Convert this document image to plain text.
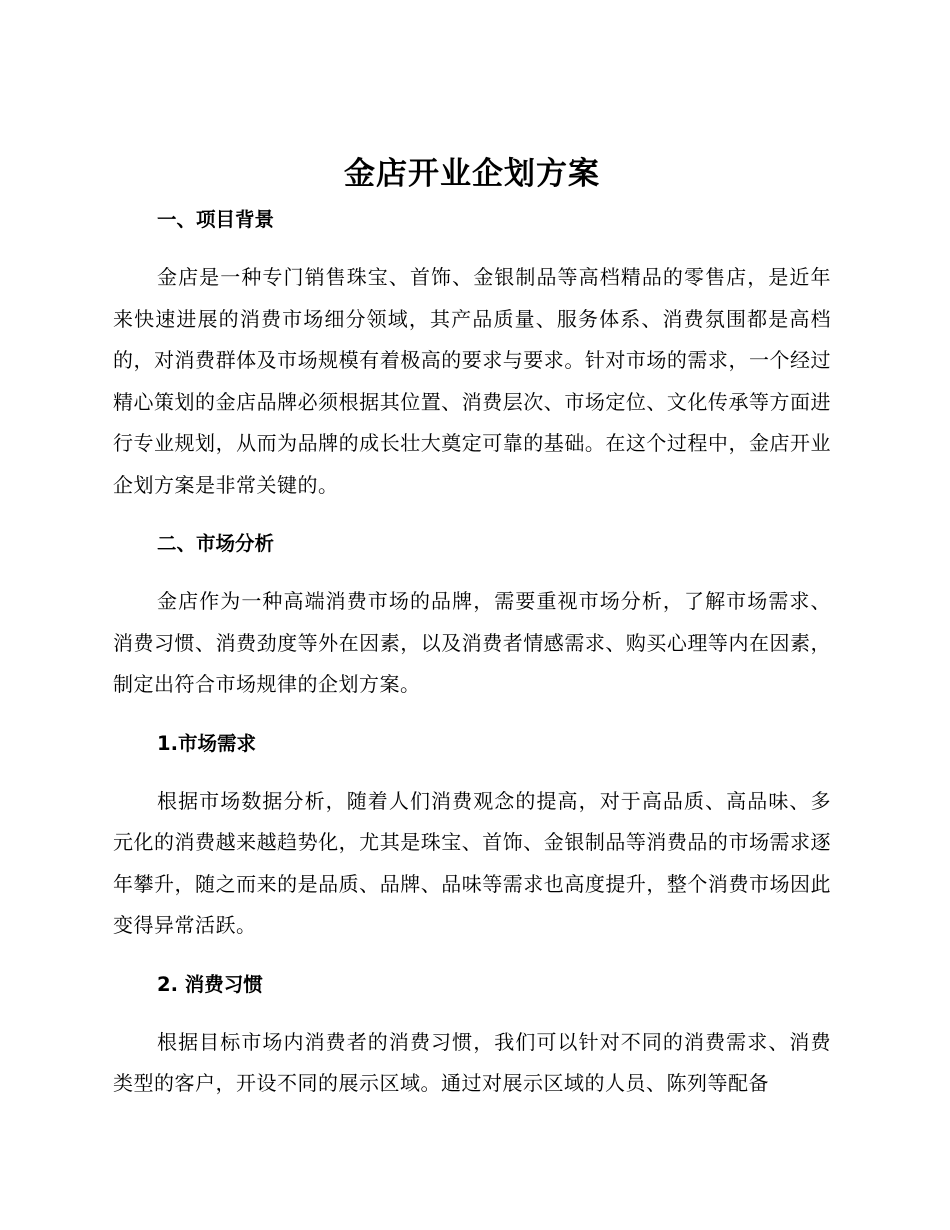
金店开业企划方案
一、项目背景

金店是一种专门销售珠宝、首饰、金银制品等高档精品的零售店，是近年来快速进展的消费市场细分领域，其产品质量、服务体系、消费氛围都是高档的，对消费群体及市场规模有着极高的要求与要求。针对市场的需求，一个经过精心策划的金店品牌必须根据其位置、消费层次、市场定位、文化传承等方面进行专业规划，从而为品牌的成长壮大奠定可靠的基础。在这个过程中，金店开业企划方案是非常关键的。

二、市场分析

金店作为一种高端消费市场的品牌，需要重视市场分析，了解市场需求、消费习惯、消费劲度等外在因素，以及消费者情感需求、购买心理等内在因素，制定出符合市场规律的企划方案。

1.市场需求

根据市场数据分析，随着人们消费观念的提高，对于高品质、高品味、多元化的消费越来越趋势化，尤其是珠宝、首饰、金银制品等消费品的市场需求逐年攀升，随之而来的是品质、品牌、品味等需求也高度提升，整个消费市场因此变得异常活跃。

2. 消费习惯

根据目标市场内消费者的消费习惯，我们可以针对不同的消费需求、消费类型的客户，开设不同的展示区域。通过对展示区域的人员、陈列等配备
